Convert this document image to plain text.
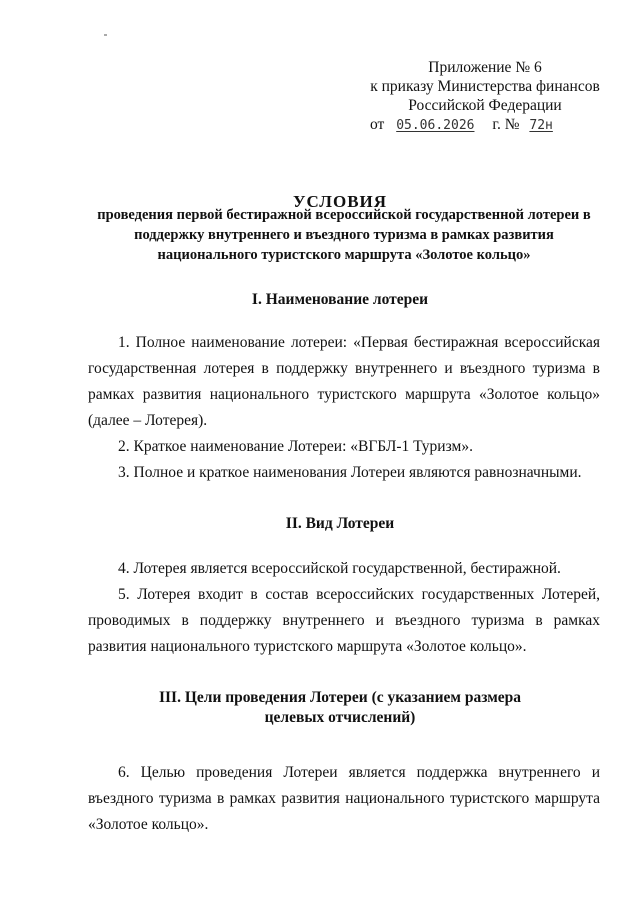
Приложение № 6
к приказу Министерства финансов
Российской Федерации
от 05.06.2026 г. № 72н
УСЛОВИЯ
проведения первой бестиражной всероссийской государственной лотереи в поддержку внутреннего и въездного туризма в рамках развития национального туристского маршрута «Золотое кольцо»
I. Наименование лотереи
1. Полное наименование лотереи: «Первая бестиражная всероссийская государственная лотерея в поддержку внутреннего и въездного туризма в рамках развития национального туристского маршрута «Золотое кольцо» (далее – Лотерея).
2. Краткое наименование Лотереи: «ВГБЛ-1 Туризм».
3. Полное и краткое наименования Лотереи являются равнозначными.
II. Вид Лотереи
4. Лотерея является всероссийской государственной, бестиражной.
5. Лотерея входит в состав всероссийских государственных Лотерей, проводимых в поддержку внутреннего и въездного туризма в рамках развития национального туристского маршрута «Золотое кольцо».
III. Цели проведения Лотереи (с указанием размера
целевых отчислений)
6. Целью проведения Лотереи является поддержка внутреннего и въездного туризма в рамках развития национального туристского маршрута «Золотое кольцо».
